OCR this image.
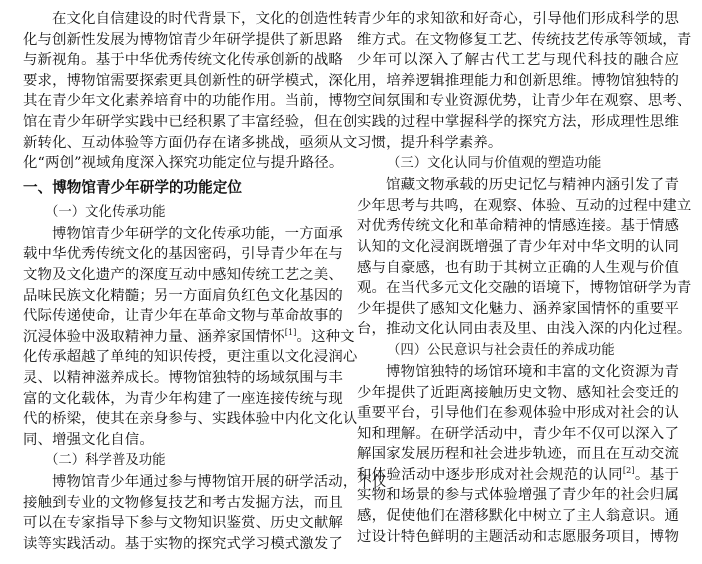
在文化自信建设的时代背景下，文化的创造性转
化与创新性发展为博物馆青少年研学提供了新思路
与新视角。基于中华优秀传统文化传承创新的战略
要求，博物馆需要探索更具创新性的研学模式，深化
其在青少年文化素养培育中的功能作用。当前，博物
馆在青少年研学实践中已经积累了丰富经验，但在创
新转化、互动体验等方面仍存在诸多挑战，亟须从文
化“两创”视域角度深入探究功能定位与提升路径。
一、博物馆青少年研学的功能定位
（一）文化传承功能
博物馆青少年研学的文化传承功能，一方面承
载中华优秀传统文化的基因密码，引导青少年在与
文物及文化遗产的深度互动中感知传统工艺之美、
品味民族文化精髓；另一方面肩负红色文化基因的
代际传递使命，让青少年在革命文物与革命故事的
沉浸体验中汲取精神力量、涵养家国情怀[1]。这种文
化传承超越了单纯的知识传授，更注重以文化浸润心
灵、以精神滋养成长。博物馆独特的场域氛围与丰
富的文化载体，为青少年构建了一座连接传统与现
代的桥梁，使其在亲身参与、实践体验中内化文化认
同、增强文化自信。
（二）科学普及功能
博物馆青少年通过参与博物馆开展的研学活动，不仅
接触到专业的文物修复技艺和考古发掘方法，而且
可以在专家指导下参与文物知识鉴赏、历史文献解
读等实践活动。基于实物的探究式学习模式激发了
青少年的求知欲和好奇心，引导他们形成科学的思
维方式。在文物修复工艺、传统技艺传承等领域，青
少年可以深入了解古代工艺与现代科技的融合应
用，培养逻辑推理能力和创新思维。博物馆独特的
空间氛围和专业资源优势，让青少年在观察、思考、
实践的过程中掌握科学的探究方法，形成理性思维
习惯，提升科学素养。
（三）文化认同与价值观的塑造功能
馆藏文物承载的历史记忆与精神内涵引发了青
少年思考与共鸣，在观察、体验、互动的过程中建立
对优秀传统文化和革命精神的情感连接。基于情感
认知的文化浸润既增强了青少年对中华文明的认同
感与自豪感，也有助于其树立正确的人生观与价值
观。在当代多元文化交融的语境下，博物馆研学为青
少年提供了感知文化魅力、涵养家国情怀的重要平
台，推动文化认同由表及里、由浅入深的内化过程。
（四）公民意识与社会责任的养成功能
博物馆独特的场馆环境和丰富的文化资源为青
少年提供了近距离接触历史文物、感知社会变迁的
重要平台，引导他们在参观体验中形成对社会的认
知和理解。在研学活动中，青少年不仅可以深入了
解国家发展历程和社会进步轨迹，而且在互动交流
和体验活动中逐步形成对社会规范的认同[2]。基于
实物和场景的参与式体验增强了青少年的社会归属
感，促使他们在潜移默化中树立了主人翁意识。通
过设计特色鲜明的主题活动和志愿服务项目，博物
